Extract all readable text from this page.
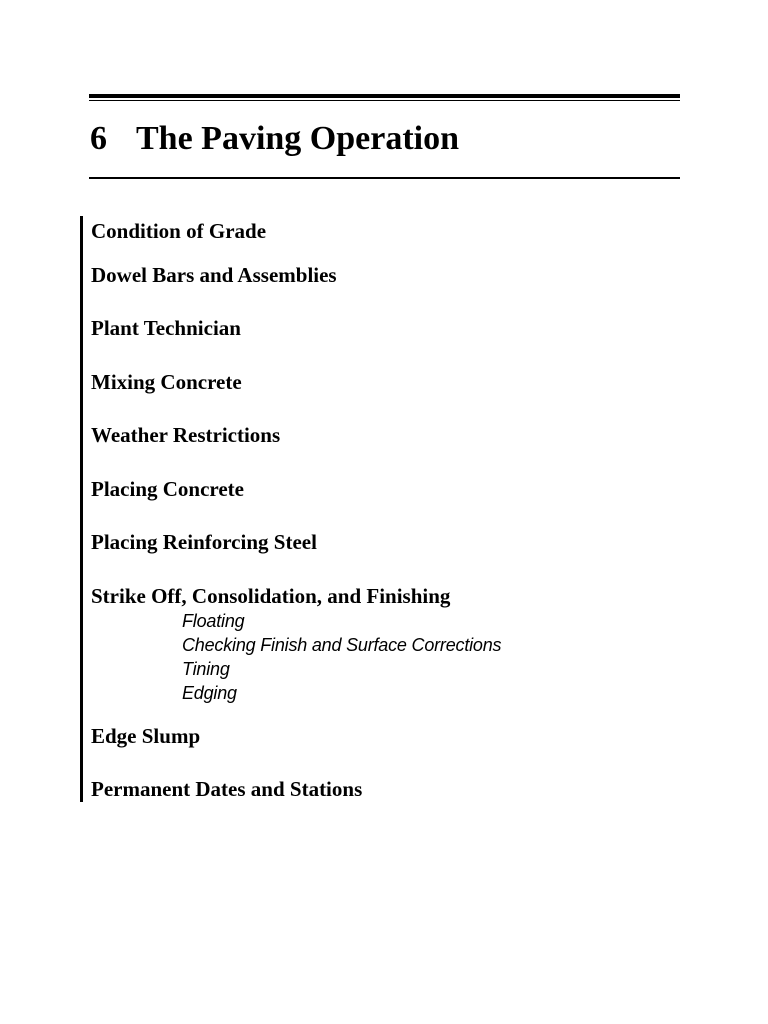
6 The Paving Operation
Condition of Grade
Dowel Bars and Assemblies
Plant Technician
Mixing Concrete
Weather Restrictions
Placing Concrete
Placing Reinforcing Steel
Strike Off, Consolidation, and Finishing
Floating
Checking Finish and Surface Corrections
Tining
Edging
Edge Slump
Permanent Dates and Stations
